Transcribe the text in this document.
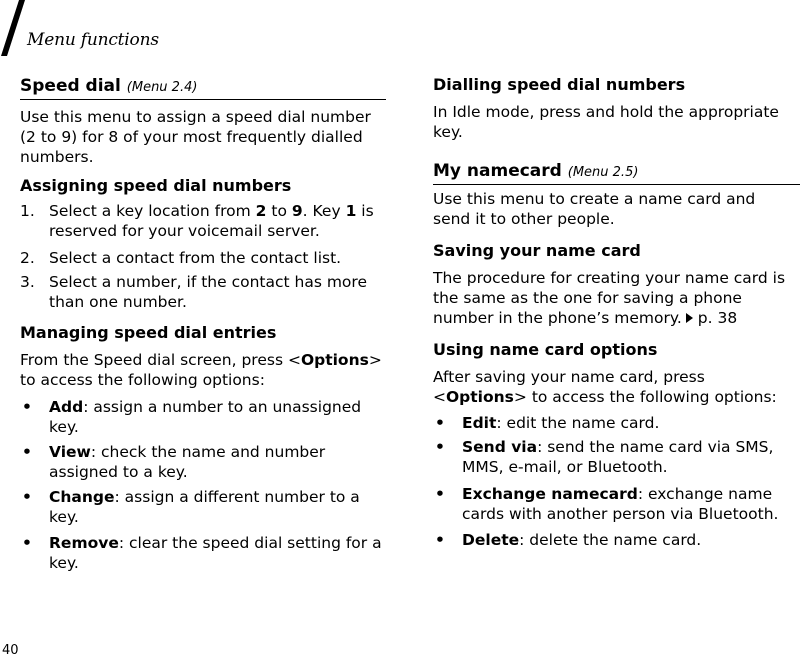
Menu functions
Speed dial (Menu 2.4)

Use this menu to assign a speed dial number (2 to 9) for 8 of your most frequently dialled numbers.

Assigning speed dial numbers
1. Select a key location from 2 to 9. Key 1 is reserved for your voicemail server.
2. Select a contact from the contact list.
3. Select a number, if the contact has more than one number.
Managing speed dial entries

From the Speed dial screen, press <Options> to access the following options:

• Add: assign a number to an unassigned key.
• View: check the name and number assigned to a key.
• Change: assign a different number to a key.
• Remove: clear the speed dial setting for a key.
Dialling speed dial numbers

In Idle mode, press and hold the appropriate key.

My namecard (Menu 2.5)

Use this menu to create a name card and send it to other people.

Saving your name card

The procedure for creating your name card is the same as the one for saving a phone number in the phone’s memory. p. 38

Using name card options

After saving your name card, press <Options> to access the following options:

• Edit: edit the name card.
• Send via: send the name card via SMS, MMS, e-mail, or Bluetooth.
• Exchange namecard: exchange name cards with another person via Bluetooth.
• Delete: delete the name card.
40
